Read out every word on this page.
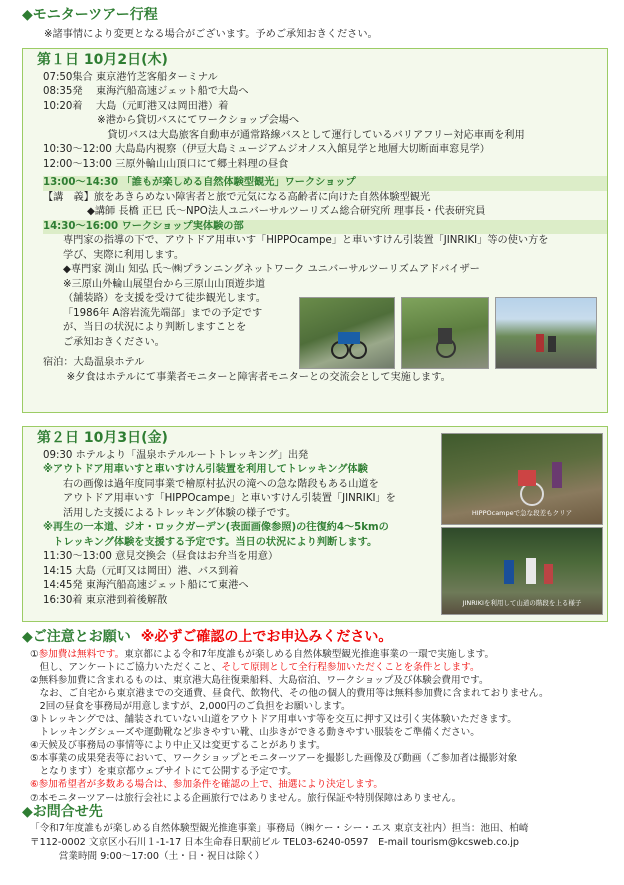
◆モニターツアー行程
※諸事情により変更となる場合がございます。予めご承知おきください。
第１日 10月2日(木)
07:50集合 東京港竹芝客船ターミナル
08:35発　 東海汽船高速ジェット船で大島へ
10:20着　 大島（元町港又は岡田港）着
　　　　　 ※港から貸切バスにてワークショップ会場へ
　　　　　　 貸切バスは大島旅客自動車が通常路線バスとして運行しているバリアフリー対応車両を利用
10:30～12:00 大島島内視察（伊豆大島ミュージアムジオノス入館見学と地層大切断面車窓見学）
12:00～13:00 三原外輪山山頂口にて郷土料理の昼食
13:00～14:30 「誰もが楽しめる自然体験型観光」ワークショップ
【講　義】旅をあきらめない障害者と旅で元気になる高齢者に向けた自然体験型観光
　　　　 ◆講師 長橋 正巳 氏～NPO法人ユニバーサルツーリズム総合研究所 理事長・代表研究員
14:30～16:00 ワークショップ実体験の部
専門家の指導の下で、アウトドア用車いす「HIPPOcampe」と車いすけん引装置「JINRIKI」等の使い方を
学び、実際に利用します。
◆専門家 渕山 知弘 氏～㈱プランニングネットワーク ユニバーサルツーリズムアドバイザー
※三原山外輪山展望台から三原山山頂遊歩道
（舗装路）を支援を受けて徒歩観光します。
「1986年 A溶岩流先端部」までの予定です
が、当日の状況により判断しますことを
ご承知おきください。
宿泊：大島温泉ホテル
　　 ※夕食はホテルにて事業者モニターと障害者モニターとの交流会として実施します。
第２日 10月3日(金)
09:30 ホテルより「温泉ホテルルートトレッキング」出発
※アウトドア用車いすと車いすけん引装置を利用してトレッキング体験
右の画像は過年度同事業で檜原村払沢の滝への急な階段もある山道を
アウトドア用車いす「HIPPOcampe」と車いすけん引装置「JINRIKI」を
活用した支援によるトレッキング体験の様子です。
※再生の一本道、ジオ・ロックガーデン(表面画像参照)の往復約4～5kmの
　トレッキング体験を支援する予定です。当日の状況により判断します。
11:30～13:00 意見交換会（昼食はお弁当を用意）
14:15 大島（元町又は岡田）港、バス到着
14:45発 東海汽船高速ジェット船にて東港へ
16:30着 東京港到着後解散
HIPPOcampeで急な段差もクリア
JINRIKIを利用して山道の階段を上る様子
◆ご注意とお願い ※必ずご確認の上でお申込みください。
①参加費は無料です。東京都による令和7年度誰もが楽しめる自然体験型観光推進事業の一環で実施します。
　但し、アンケートにご協力いただくこと、そして原則として全行程参加いただくことを条件とします。
②無料参加費に含まれるものは、東京港大島往復乗船料、大島宿泊、ワークショップ及び体験会費用です。
　なお、ご自宅から東京港までの交通費、昼食代、飲物代、その他の個人的費用等は無料参加費に含まれておりません。
　2回の昼食を事務局が用意しますが、2,000円のご負担をお願いします。
③トレッキングでは、舗装されていない山道をアウトドア用車いす等を交互に押す又は引く実体験いただきます。
　トレッキングシューズや運動靴など歩きやすい靴、山歩きができる動きやすい服装をご準備ください。
④天候及び事務局の事情等により中止又は変更することがあります。
⑤本事業の成果発表等において、ワークショップとモニターツアーを撮影した画像及び動画（ご参加者は撮影対象
　となります）を東京都ウェブサイトにて公開する予定です。
⑥参加希望者が多数ある場合は、参加条件を確認の上で、抽選により決定します。
⑦本モニターツアーは旅行会社による企画旅行ではありません。旅行保証や特別保障はありません。
◆お問合せ先
「令和7年度誰もが楽しめる自然体験型観光推進事業」事務局（㈱ケー・シー・エス 東京支社内）担当：池田、柏崎
〒112-0002 文京区小石川１-1-17 日本生命春日駅前ビル TEL03-6240-0597　E-mail tourism@kcsweb.co.jp
　　　営業時間 9:00～17:00（土・日・祝日は除く）
